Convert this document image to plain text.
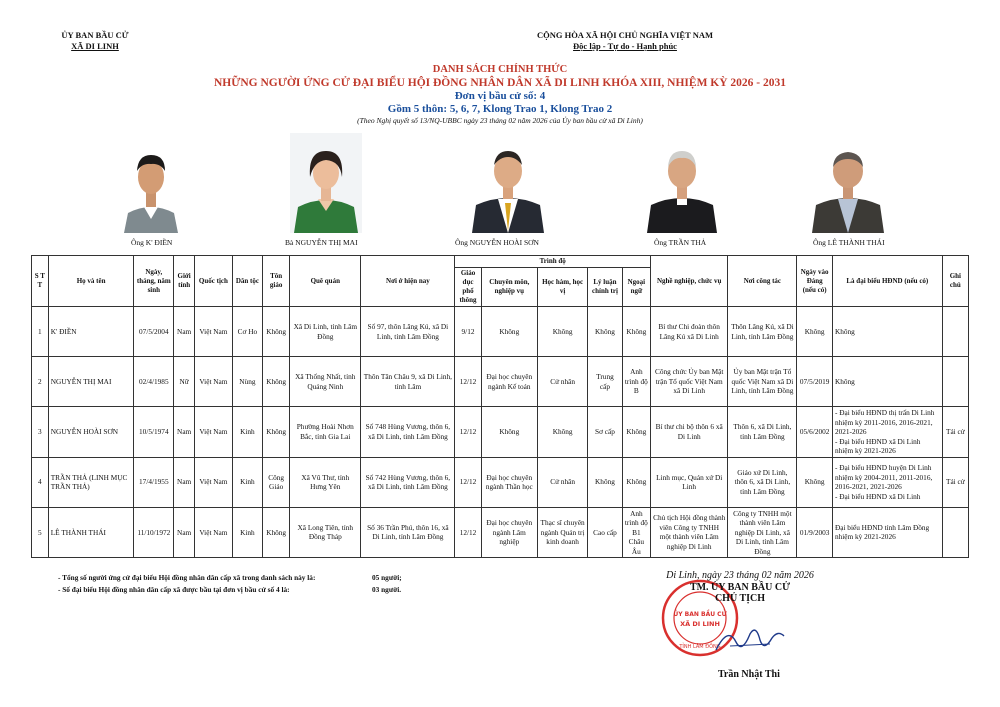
ỦY BAN BẦU CỬ
XÃ DI LINH
CỘNG HÒA XÃ HỘI CHỦ NGHĨA VIỆT NAM
Độc lập - Tự do - Hạnh phúc
DANH SÁCH CHÍNH THỨC
NHỮNG NGƯỜI ỨNG CỬ ĐẠI BIỂU HỘI ĐỒNG NHÂN DÂN XÃ DI LINH KHÓA XIII, NHIỆM KỲ 2026 - 2031
Đơn vị bầu cử số: 4
Gồm 5 thôn: 5, 6, 7, Klong Trao 1, Klong Trao 2
(Theo Nghị quyết số 13/NQ-UBBC ngày 23 tháng 02 năm 2026 của Ủy ban bầu cử xã Di Linh)
Ông K' ĐIỀN	Bà NGUYỄN THỊ MAI	Ông NGUYỄN HOÀI SƠN	Ông TRẦN THẢ	Ông LÊ THÀNH THÁI
S T T	Họ và tên	Ngày, tháng, năm sinh	Giới tính	Quốc tịch	Dân tộc	Tôn giáo	Quê quán	Nơi ở hiện nay	Trình độ					Nghề nghiệp, chức vụ	Nơi công tác	Ngày vào Đảng (nếu có)	Là đại biểu HĐND (nếu có)	Ghi chú
									Giáo dục phổ thông	Chuyên môn, nghiệp vụ	Học hàm, học vị	Lý luận chính trị	Ngoại ngữ					
1	K' ĐIỀN	07/5/2004	Nam	Việt Nam	Cơ Ho	Không	Xã Di Linh, tỉnh Lâm Đồng	Số 97, thôn Lăng Kú, xã Di Linh, tỉnh Lâm Đồng	9/12	Không	Không	Không	Không	Bí thư Chi đoàn thôn Lăng Kú xã Di Linh	Thôn Lăng Kú, xã Di Linh, tỉnh Lâm Đồng	Không	Không	
2	NGUYỄN THỊ MAI	02/4/1985	Nữ	Việt Nam	Nùng	Không	Xã Thống Nhất, tỉnh Quảng Ninh	Thôn Tân Châu 9, xã Di Linh, tỉnh Lâm	12/12	Đại học chuyên ngành Kế toán	Cử nhân	Trung cấp	Anh trình độ B	Công chức Ủy ban Mặt trận Tổ quốc Việt Nam xã Di Linh	Ủy ban Mặt trận Tổ quốc Việt Nam xã Di Linh, tỉnh Lâm Đồng	07/5/2019	Không	
3	NGUYỄN HOÀI SƠN	10/5/1974	Nam	Việt Nam	Kinh	Không	Phường Hoài Nhơn Bắc, tỉnh Gia Lai	Số 748 Hùng Vương, thôn 6, xã Di Linh, tỉnh Lâm Đồng	12/12	Không	Không	Sơ cấp	Không	Bí thư chi bộ thôn 6 xã Di Linh	Thôn 6, xã Di Linh, tỉnh Lâm Đồng	05/6/2002	- Đại biểu HĐND thị trấn Di Linh nhiệm kỳ 2011-2016, 2016-2021, 2021-2026
- Đại biểu HĐND xã Di Linh nhiệm kỳ 2021-2026	Tái cử
4	TRẦN THẢ (LINH MỤC TRẦN THẢ)	17/4/1955	Nam	Việt Nam	Kinh	Công Giáo	Xã Vũ Thư, tỉnh Hưng Yên	Số 742 Hùng Vương, thôn 6, xã Di Linh, tỉnh Lâm Đồng	12/12	Đại học chuyên ngành Thần học	Cử nhân	Không	Không	Linh mục, Quản xứ Di Linh	Giáo xứ Di Linh, thôn 6, xã Di Linh, tỉnh Lâm Đồng	Không	- Đại biểu HĐND huyện Di Linh nhiệm kỳ 2004-2011, 2011-2016, 2016-2021, 2021-2026
- Đại biểu HĐND xã Di Linh	Tái cử
5	LÊ THÀNH THÁI	11/10/1972	Nam	Việt Nam	Kinh	Không	Xã Long Tiên, tỉnh Đồng Tháp	Số 36 Trần Phú, thôn 16, xã Di Linh, tỉnh Lâm Đồng	12/12	Đại học chuyên ngành Lâm nghiệp	Thạc sĩ chuyên ngành Quản trị kinh doanh	Cao cấp	Anh trình độ B1 Châu Âu	Chủ tịch Hội đồng thành viên Công ty TNHH một thành viên Lâm nghiệp Di Linh	Công ty TNHH một thành viên Lâm nghiệp Di Linh, xã Di Linh, tỉnh Lâm Đồng	01/9/2003	Đại biểu HĐND tỉnh Lâm Đồng nhiệm kỳ 2021-2026	
- Tổng số người ứng cử đại biểu Hội đồng nhân dân cấp xã trong danh sách này là:
- Số đại biểu Hội đồng nhân dân cấp xã được bầu tại đơn vị bầu cử số 4 là:
05 người;
03 người.
ỦY BAN BẦU CỬ
XÃ DI LINH
TỈNH LÂM ĐỒNG
Di Linh, ngày 23 tháng 02 năm 2026
TM. ỦY BAN BẦU CỬ
CHỦ TỊCH
Trần Nhật Thi
